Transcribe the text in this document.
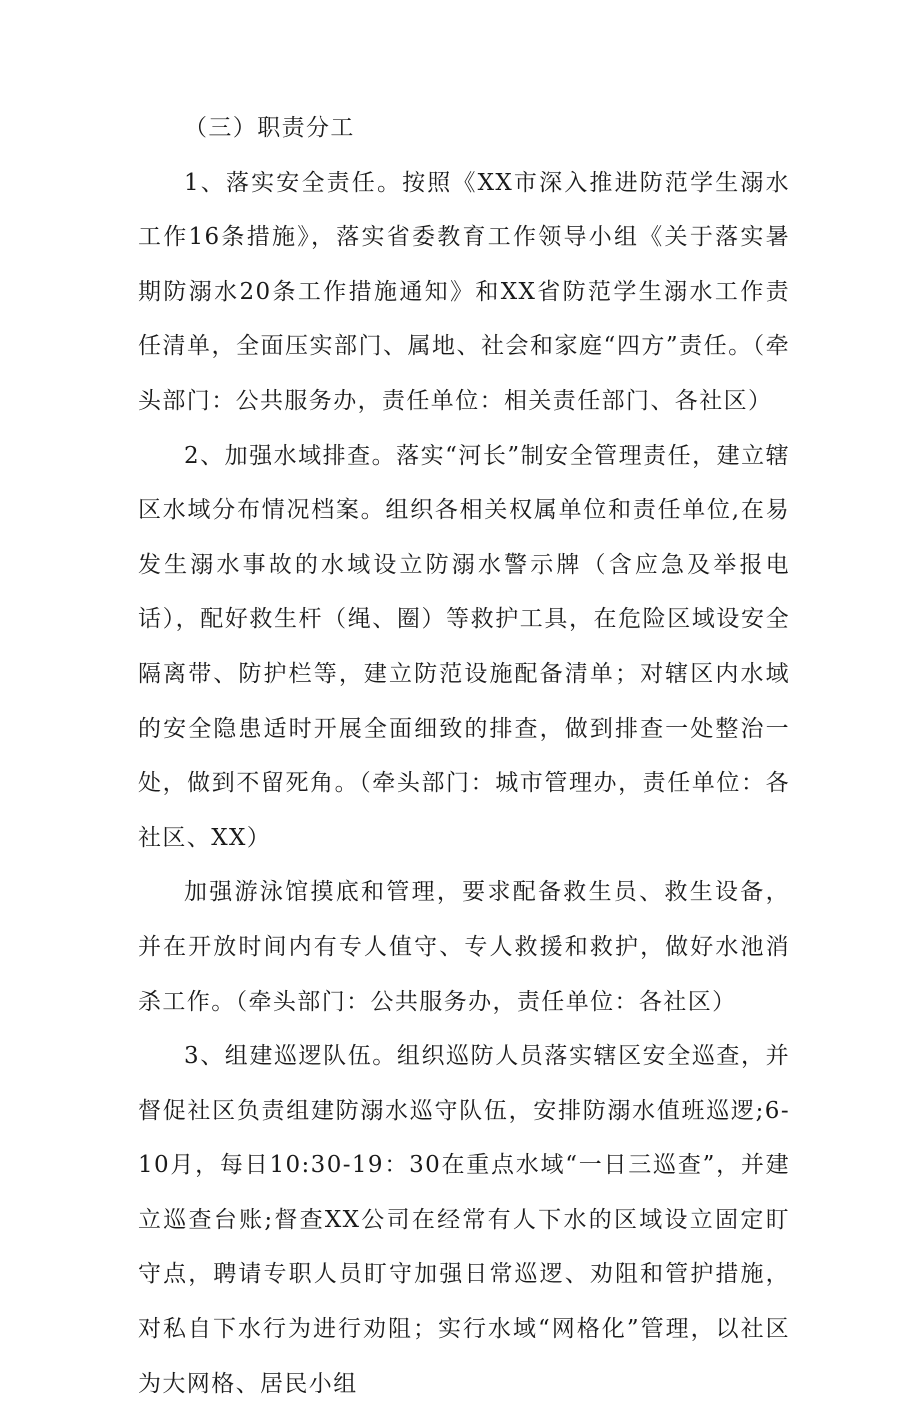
（三）职责分工

1、落实安全责任。按照《XX市深入推进防范学生溺水工作16条措施》，落实省委教育工作领导小组《关于落实暑期防溺水20条工作措施通知》和XX省防范学生溺水工作责任清单，全面压实部门、属地、社会和家庭“四方”责任。（牵头部门：公共服务办，责任单位：相关责任部门、各社区）

2、加强水域排查。落实“河长”制安全管理责任，建立辖区水域分布情况档案。组织各相关权属单位和责任单位,在易发生溺水事故的水域设立防溺水警示牌（含应急及举报电话），配好救生杆（绳、圈）等救护工具，在危险区域设安全隔离带、防护栏等，建立防范设施配备清单；对辖区内水域的安全隐患适时开展全面细致的排查，做到排查一处整治一处，做到不留死角。（牵头部门：城市管理办，责任单位：各社区、XX）

加强游泳馆摸底和管理，要求配备救生员、救生设备，并在开放时间内有专人值守、专人救援和救护，做好水池消杀工作。（牵头部门：公共服务办，责任单位：各社区）

3、组建巡逻队伍。组织巡防人员落实辖区安全巡查，并督促社区负责组建防溺水巡守队伍，安排防溺水值班巡逻;6-10月，每日10:30-19：30在重点水域“一日三巡查”，并建立巡查台账;督查XX公司在经常有人下水的区域设立固定盯守点，聘请专职人员盯守加强日常巡逻、劝阻和管护措施，对私自下水行为进行劝阻；实行水域“网格化”管理，以社区为大网格、居民小组
